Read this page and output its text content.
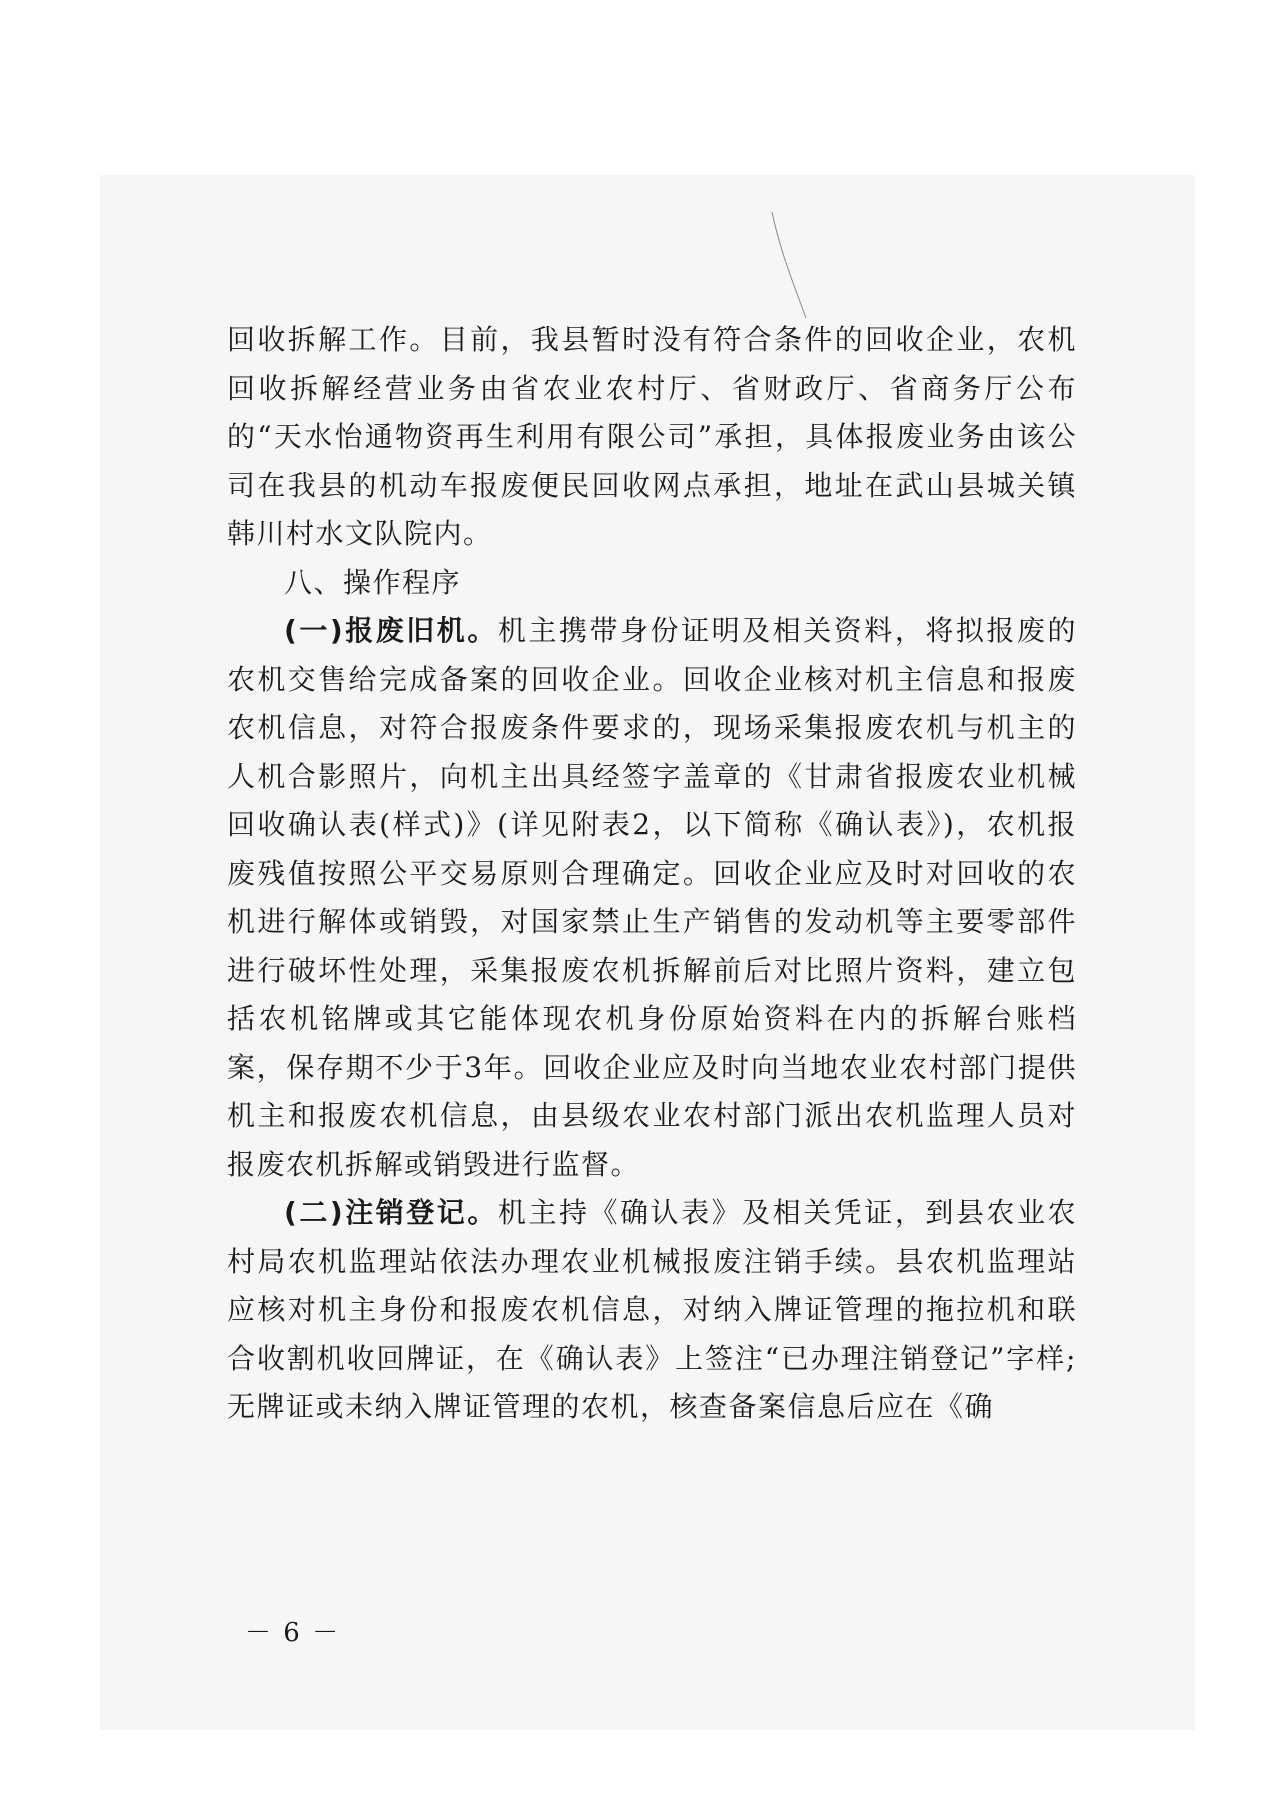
回收拆解工作。目前，我县暂时没有符合条件的回收企业，农机回收拆解经营业务由省农业农村厅、省财政厅、省商务厅公布的“天水怡通物资再生利用有限公司”承担，具体报废业务由该公司在我县的机动车报废便民回收网点承担，地址在武山县城关镇韩川村水文队院内。

八、操作程序

(一)报废旧机。机主携带身份证明及相关资料，将拟报废的农机交售给完成备案的回收企业。回收企业核对机主信息和报废农机信息，对符合报废条件要求的，现场采集报废农机与机主的人机合影照片，向机主出具经签字盖章的《甘肃省报废农业机械回收确认表(样式)》(详见附表2，以下简称《确认表》)，农机报废残值按照公平交易原则合理确定。回收企业应及时对回收的农机进行解体或销毁，对国家禁止生产销售的发动机等主要零部件进行破坏性处理，采集报废农机拆解前后对比照片资料，建立包括农机铭牌或其它能体现农机身份原始资料在内的拆解台账档案，保存期不少于3年。回收企业应及时向当地农业农村部门提供机主和报废农机信息，由县级农业农村部门派出农机监理人员对报废农机拆解或销毁进行监督。

(二)注销登记。机主持《确认表》及相关凭证，到县农业农村局农机监理站依法办理农业机械报废注销手续。县农机监理站应核对机主身份和报废农机信息，对纳入牌证管理的拖拉机和联合收割机收回牌证，在《确认表》上签注“已办理注销登记”字样;无牌证或未纳入牌证管理的农机，核查备案信息后应在《确

－ 6 －
